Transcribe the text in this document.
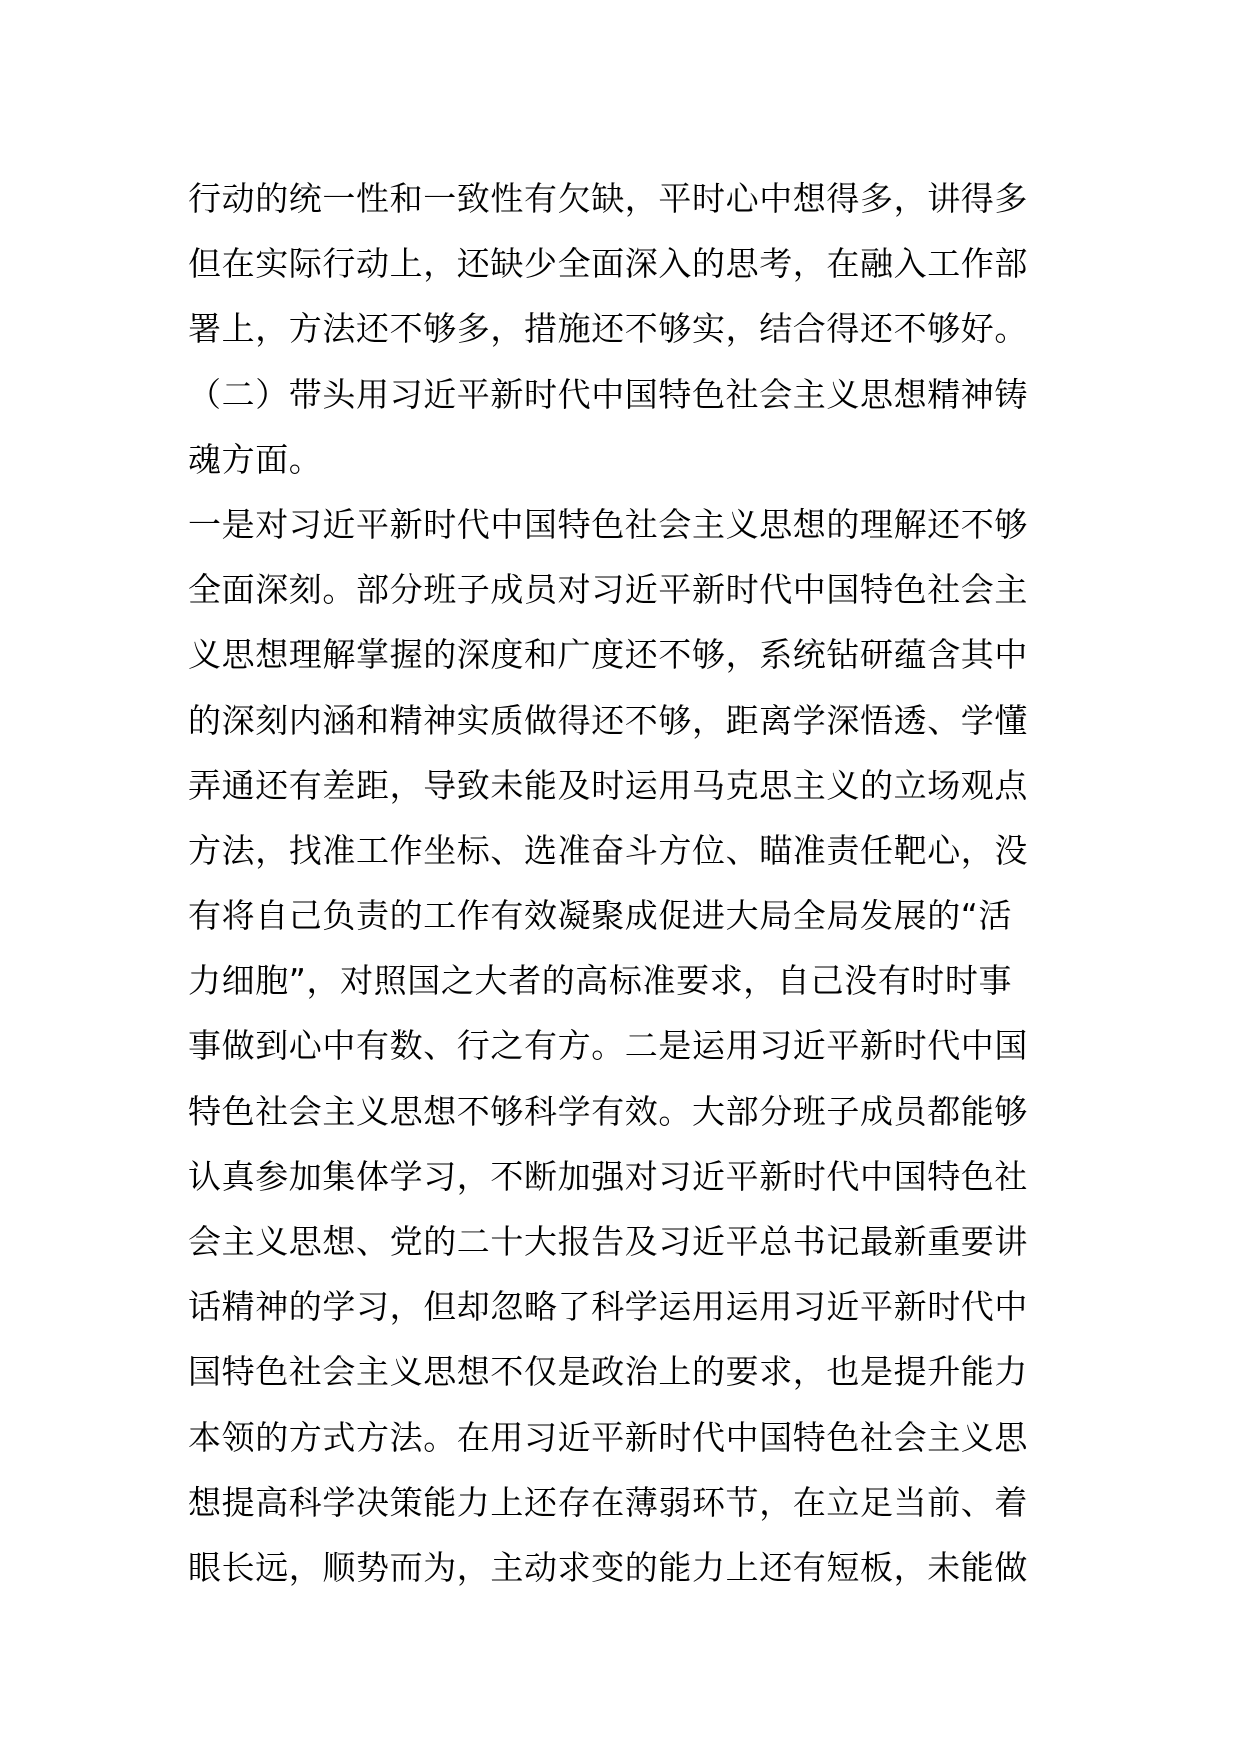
行动的统一性和一致性有欠缺，平时心中想得多，讲得多
但在实际行动上，还缺少全面深入的思考，在融入工作部
署上，方法还不够多，措施还不够实，结合得还不够好。
（二）带头用习近平新时代中国特色社会主义思想精神铸
魂方面。
一是对习近平新时代中国特色社会主义思想的理解还不够
全面深刻。部分班子成员对习近平新时代中国特色社会主
义思想理解掌握的深度和广度还不够，系统钻研蕴含其中
的深刻内涵和精神实质做得还不够，距离学深悟透、学懂
弄通还有差距，导致未能及时运用马克思主义的立场观点
方法，找准工作坐标、选准奋斗方位、瞄准责任靶心，没
有将自己负责的工作有效凝聚成促进大局全局发展的“活
力细胞”，对照国之大者的高标准要求，自己没有时时事
事做到心中有数、行之有方。二是运用习近平新时代中国
特色社会主义思想不够科学有效。大部分班子成员都能够
认真参加集体学习，不断加强对习近平新时代中国特色社
会主义思想、党的二十大报告及习近平总书记最新重要讲
话精神的学习，但却忽略了科学运用运用习近平新时代中
国特色社会主义思想不仅是政治上的要求，也是提升能力
本领的方式方法。在用习近平新时代中国特色社会主义思
想提高科学决策能力上还存在薄弱环节，在立足当前、着
眼长远，顺势而为，主动求变的能力上还有短板，未能做
